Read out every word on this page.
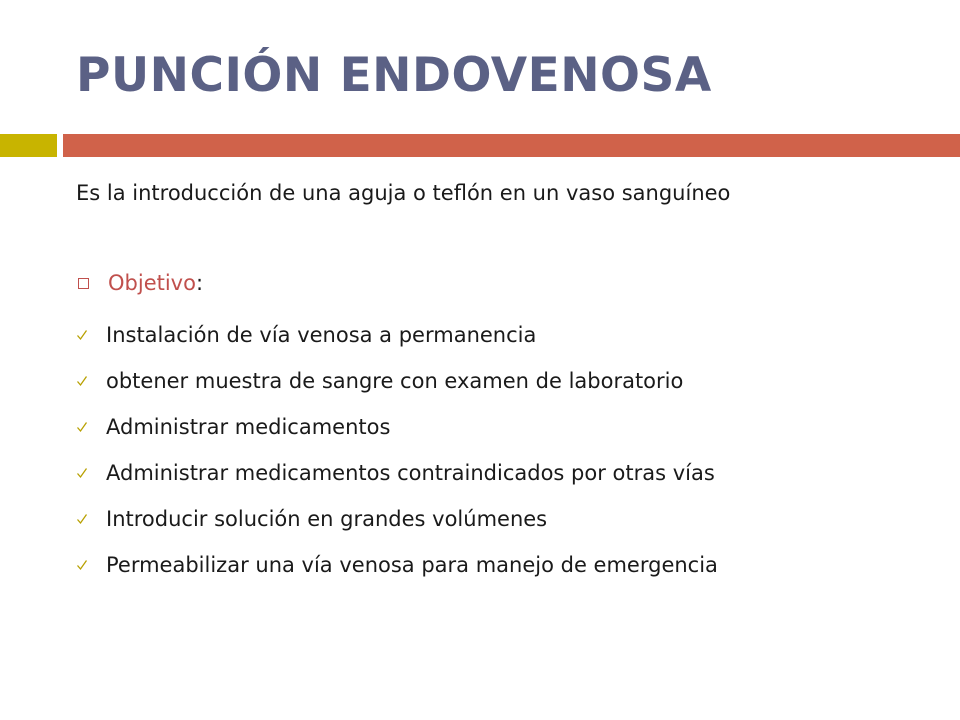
PUNCIÓN ENDOVENOSA
Es la introducción de una aguja o teflón en un vaso sanguíneo
Objetivo :
Instalación de vía venosa a permanencia
obtener muestra de sangre con examen de laboratorio
Administrar medicamentos
Administrar medicamentos contraindicados por otras vías
Introducir solución en grandes volúmenes
Permeabilizar una vía venosa para manejo de emergencia
